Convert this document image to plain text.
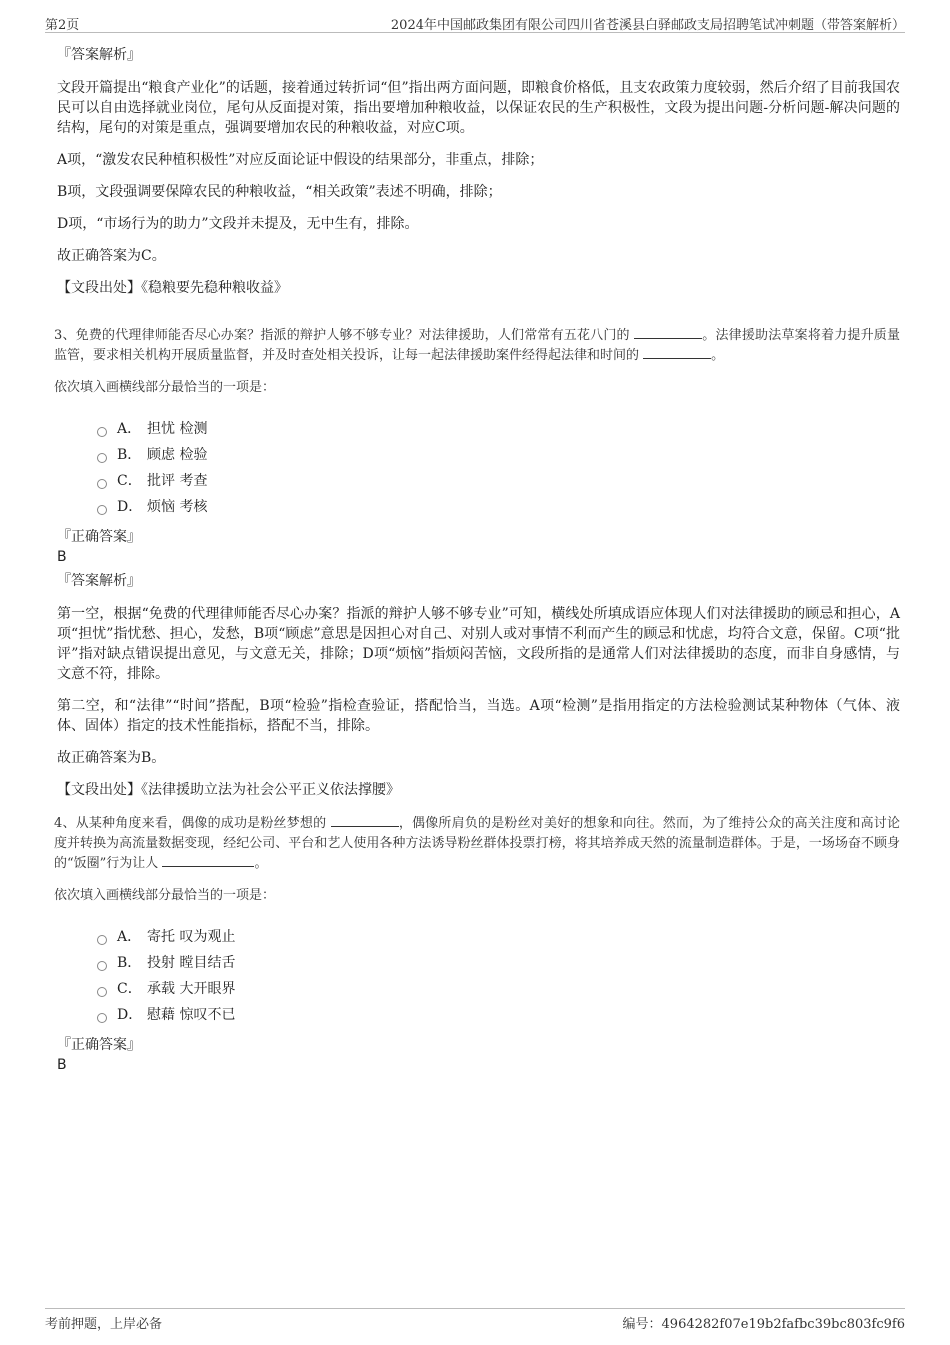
第2页	2024年中国邮政集团有限公司四川省苍溪县白驿邮政支局招聘笔试冲刺题（带答案解析）

『答案解析』

文段开篇提出“粮食产业化”的话题，接着通过转折词“但”指出两方面问题，即粮食价格低，且支农政策力度较弱，然后介绍了目前我国农民可以自由选择就业岗位，尾句从反面提对策，指出要增加种粮收益，以保证农民的生产积极性，文段为提出问题-分析问题-解决问题的结构，尾句的对策是重点，强调要增加农民的种粮收益，对应C项。

A项，“激发农民种植积极性”对应反面论证中假设的结果部分，非重点，排除；

B项，文段强调要保障农民的种粮收益，“相关政策”表述不明确，排除；

D项，“市场行为的助力”文段并未提及，无中生有，排除。

故正确答案为C。

【文段出处】《稳粮要先稳种粮收益》

3、免费的代理律师能否尽心办案？指派的辩护人够不够专业？对法律援助，人们常常有五花八门的	。法律援助法草案将着力提升质量监管，要求相关机构开展质量监督，并及时查处相关投诉，让每一起法律援助案件经得起法律和时间的	。

依次填入画横线部分最恰当的一项是：

A． 担忧 检测
B． 顾虑 检验
C． 批评 考查
D． 烦恼 考核

『正确答案』

B

『答案解析』

第一空，根据“免费的代理律师能否尽心办案？指派的辩护人够不够专业”可知，横线处所填成语应体现人们对法律援助的顾忌和担心，A项“担忧”指忧愁、担心，发愁，B项“顾虑”意思是因担心对自己、对别人或对事情不利而产生的顾忌和忧虑，均符合文意，保留。C项“批评”指对缺点错误提出意见，与文意无关，排除；D项“烦恼”指烦闷苦恼，文段所指的是通常人们对法律援助的态度，而非自身感情，与文意不符，排除。

第二空，和“法律”“时间”搭配，B项“检验”指检查验证，搭配恰当，当选。A项“检测”是指用指定的方法检验测试某种物体（气体、液体、固体）指定的技术性能指标，搭配不当，排除。

故正确答案为B。

【文段出处】《法律援助立法为社会公平正义依法撑腰》

4、从某种角度来看，偶像的成功是粉丝梦想的	，偶像所肩负的是粉丝对美好的想象和向往。然而，为了维持公众的高关注度和高讨论度并转换为高流量数据变现，经纪公司、平台和艺人使用各种方法诱导粉丝群体投票打榜，将其培养成天然的流量制造群体。于是，一场场奋不顾身的“饭圈”行为让人	。

依次填入画横线部分最恰当的一项是：

A． 寄托 叹为观止
B． 投射 瞠目结舌
C． 承载 大开眼界
D． 慰藉 惊叹不已

『正确答案』

B

考前押题，上岸必备	编号：4964282f07e19b2fafbc39bc803fc9f6
